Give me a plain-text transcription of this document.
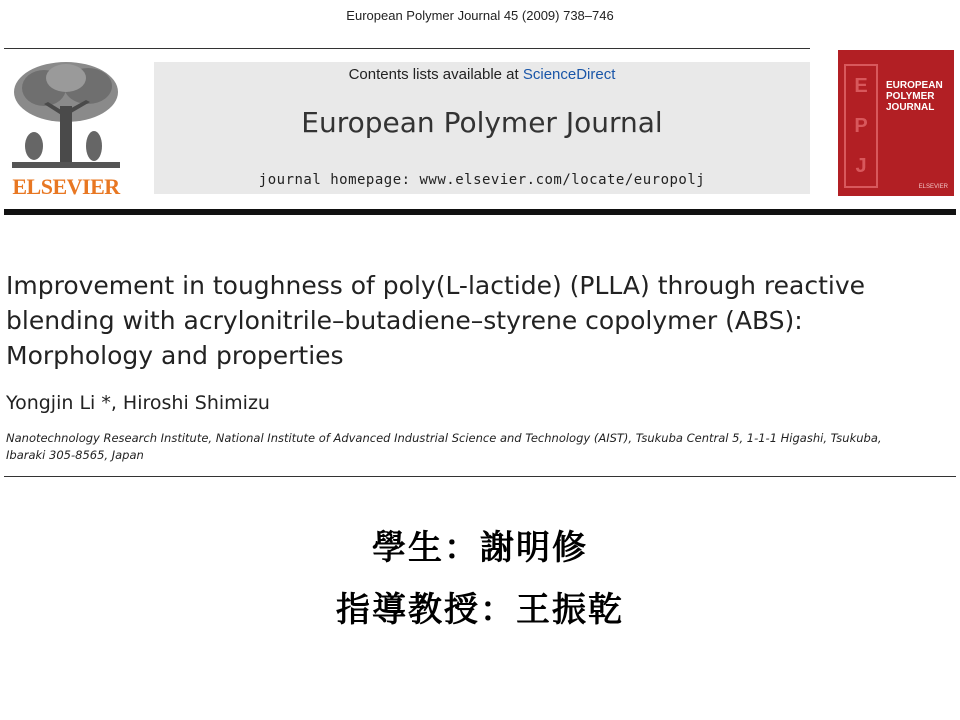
European Polymer Journal 45 (2009) 738–746
ELSEVIER
Contents lists available at ScienceDirect
European Polymer Journal
journal homepage: www.elsevier.com/locate/europolj
E
P
J
EUROPEAN
POLYMER
JOURNAL
ELSEVIER
Improvement in toughness of poly(L-lactide) (PLLA) through reactive blending with acrylonitrile–butadiene–styrene copolymer (ABS): Morphology and properties
Yongjin Li *, Hiroshi Shimizu
Nanotechnology Research Institute, National Institute of Advanced Industrial Science and Technology (AIST), Tsukuba Central 5, 1-1-1 Higashi, Tsukuba, Ibaraki 305-8565, Japan
學生：謝明修
指導教授：王振乾
